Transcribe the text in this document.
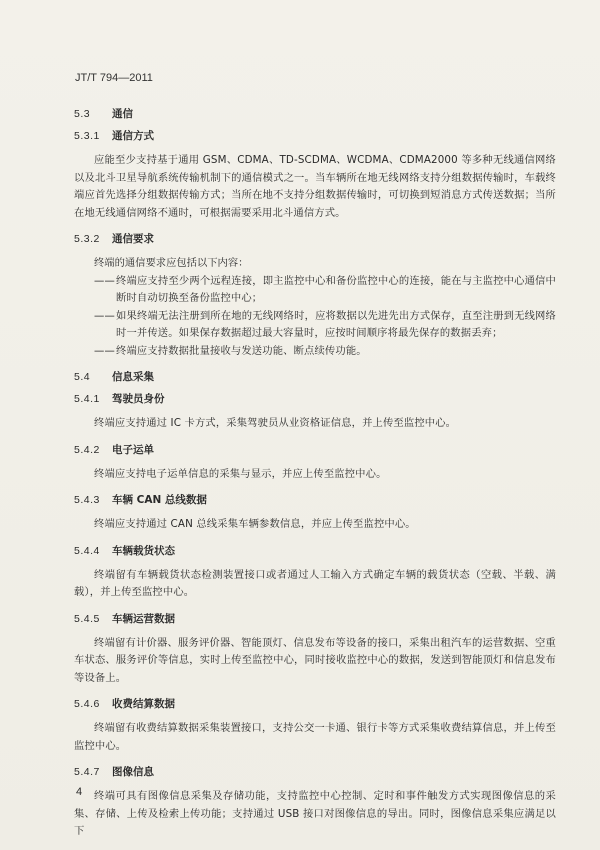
JT/T 794—2011

5.3 通信

5.3.1 通信方式

应能至少支持基于通用 GSM、CDMA、TD-SCDMA、WCDMA、CDMA2000 等多种无线通信网络以及北斗卫星导航系统传输机制下的通信模式之一。当车辆所在地无线网络支持分组数据传输时，车载终端应首先选择分组数据传输方式；当所在地不支持分组数据传输时，可切换到短消息方式传送数据；当所在地无线通信网络不通时，可根据需要采用北斗通信方式。

5.3.2 通信要求

终端的通信要求应包括以下内容：

——终端应支持至少两个远程连接，即主监控中心和备份监控中心的连接，能在与主监控中心通信中断时自动切换至备份监控中心；
——如果终端无法注册到所在地的无线网络时，应将数据以先进先出方式保存，直至注册到无线网络时一并传送。如果保存数据超过最大容量时，应按时间顺序将最先保存的数据丢弃；
——终端应支持数据批量接收与发送功能、断点续传功能。

5.4 信息采集

5.4.1 驾驶员身份

终端应支持通过 IC 卡方式，采集驾驶员从业资格证信息，并上传至监控中心。

5.4.2 电子运单

终端应支持电子运单信息的采集与显示，并应上传至监控中心。

5.4.3 车辆 CAN 总线数据

终端应支持通过 CAN 总线采集车辆参数信息，并应上传至监控中心。

5.4.4 车辆载货状态

终端留有车辆载货状态检测装置接口或者通过人工输入方式确定车辆的载货状态（空载、半载、满载），并上传至监控中心。

5.4.5 车辆运营数据

终端留有计价器、服务评价器、智能顶灯、信息发布等设备的接口，采集出租汽车的运营数据、空重车状态、服务评价等信息，实时上传至监控中心，同时接收监控中心的数据，发送到智能顶灯和信息发布等设备上。

5.4.6 收费结算数据

终端留有收费结算数据采集装置接口，支持公交一卡通、银行卡等方式采集收费结算信息，并上传至监控中心。

5.4.7 图像信息

终端可具有图像信息采集及存储功能，支持监控中心控制、定时和事件触发方式实现图像信息的采集、存储、上传及检索上传功能；支持通过 USB 接口对图像信息的导出。同时，图像信息采集应满足以下

4
